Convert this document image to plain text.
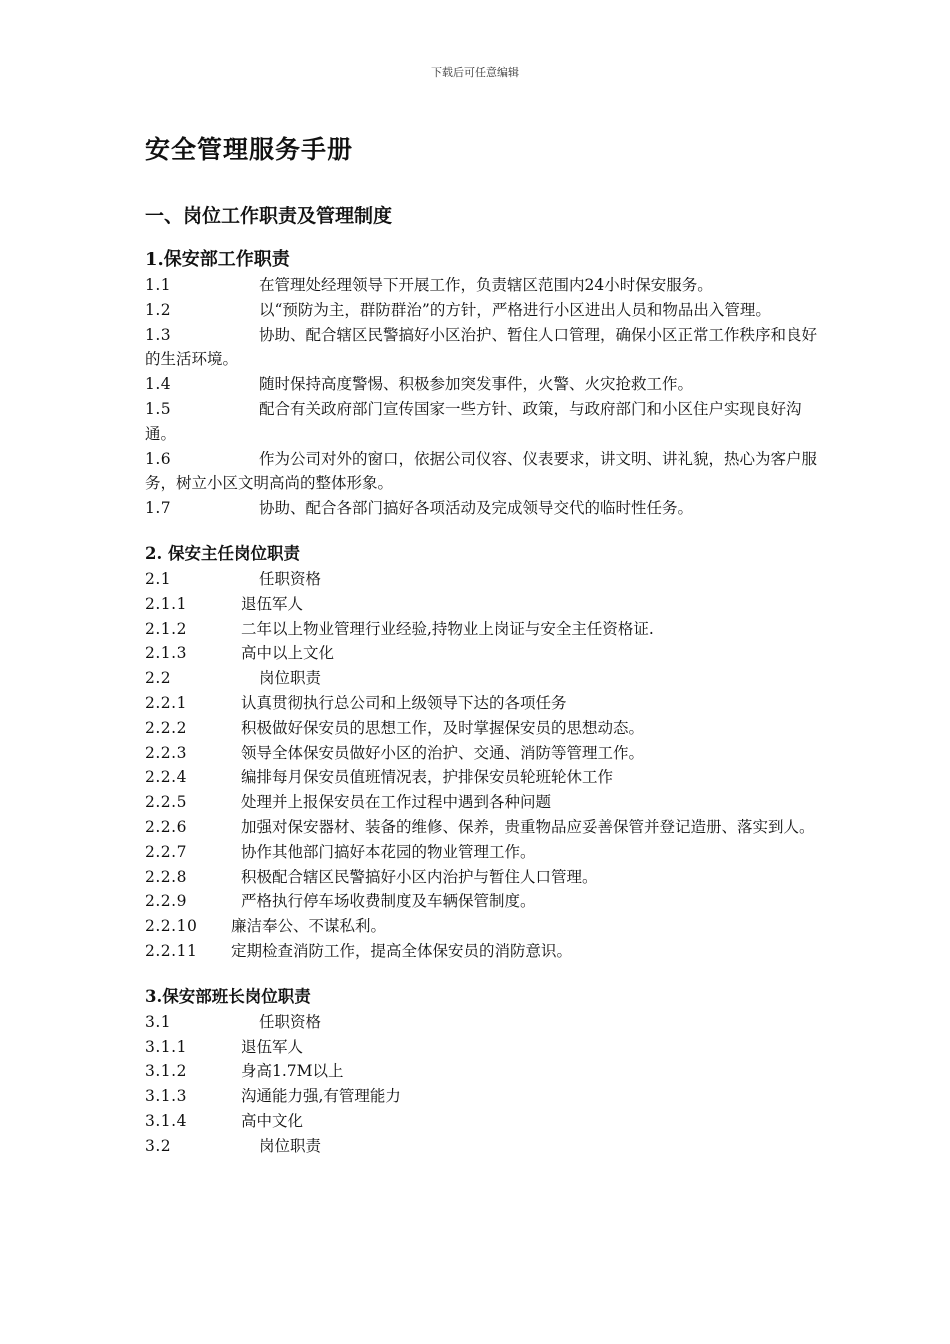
下载后可任意编辑
安全管理服务手册
一、岗位工作职责及管理制度
1.保安部工作职责
1.1	在管理处经理领导下开展工作，负责辖区范围内24小时保安服务。
1.2	以“预防为主，群防群治”的方针，严格进行小区进出人员和物品出入管理。
1.3	协助、配合辖区民警搞好小区治护、暂住人口管理，确保小区正常工作秩序和良好的生活环境。
1.4	随时保持高度警惕、积极参加突发事件，火警、火灾抢救工作。
1.5	配合有关政府部门宣传国家一些方针、政策，与政府部门和小区住户实现良好沟通。
1.6	作为公司对外的窗口，依据公司仪容、仪表要求，讲文明、讲礼貌，热心为客户服务，树立小区文明高尚的整体形象。
1.7	协助、配合各部门搞好各项活动及完成领导交代的临时性任务。
2. 保安主任岗位职责
2.1	任职资格
2.1.1	退伍军人
2.1.2	二年以上物业管理行业经验,持物业上岗证与安全主任资格证.
2.1.3	高中以上文化
2.2	岗位职责
2.2.1	认真贯彻执行总公司和上级领导下达的各项任务
2.2.2	积极做好保安员的思想工作，及时掌握保安员的思想动态。
2.2.3	领导全体保安员做好小区的治护、交通、消防等管理工作。
2.2.4	编排每月保安员值班情况表，护排保安员轮班轮休工作
2.2.5	处理并上报保安员在工作过程中遇到各种问题
2.2.6	加强对保安器材、装备的维修、保养，贵重物品应妥善保管并登记造册、落实到人。
2.2.7	协作其他部门搞好本花园的物业管理工作。
2.2.8	积极配合辖区民警搞好小区内治护与暂住人口管理。
2.2.9	严格执行停车场收费制度及车辆保管制度。
2.2.10 廉洁奉公、不谋私利。
2.2.11 定期检查消防工作，提高全体保安员的消防意识。
3.保安部班长岗位职责
3.1	任职资格
3.1.1	退伍军人
3.1.2	身高1.7M以上
3.1.3	沟通能力强,有管理能力
3.1.4	高中文化
3.2	岗位职责
